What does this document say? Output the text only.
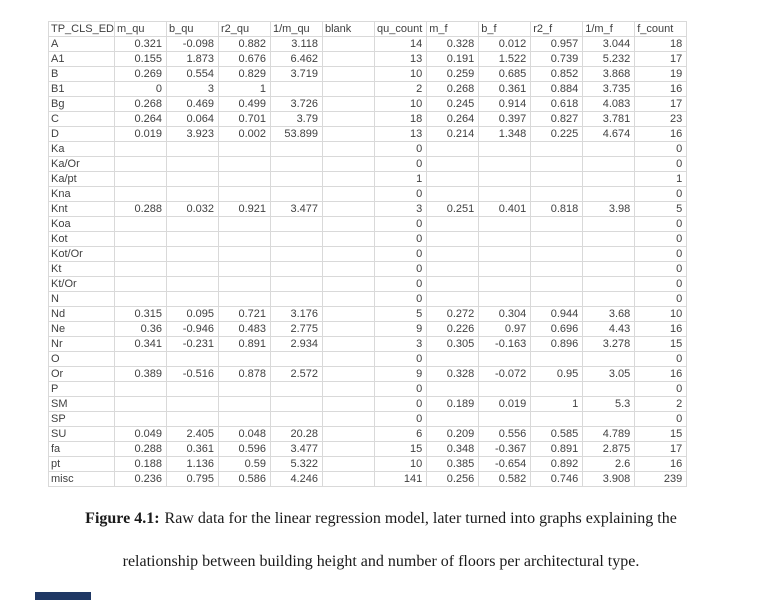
TP_CLS_ED	m_qu	b_qu	r2_qu	1/m_qu	blank	qu_count	m_f	b_f	r2_f	1/m_f	f_count
A	0.321	-0.098	0.882	3.118		14	0.328	0.012	0.957	3.044	18
A1	0.155	1.873	0.676	6.462		13	0.191	1.522	0.739	5.232	17
B	0.269	0.554	0.829	3.719		10	0.259	0.685	0.852	3.868	19
B1	0	3	1			2	0.268	0.361	0.884	3.735	16
Bg	0.268	0.469	0.499	3.726		10	0.245	0.914	0.618	4.083	17
C	0.264	0.064	0.701	3.79		18	0.264	0.397	0.827	3.781	23
D	0.019	3.923	0.002	53.899		13	0.214	1.348	0.225	4.674	16
Ka						0					0
Ka/Or						0					0
Ka/pt						1					1
Kna						0					0
Knt	0.288	0.032	0.921	3.477		3	0.251	0.401	0.818	3.98	5
Koa						0					0
Kot						0					0
Kot/Or						0					0
Kt						0					0
Kt/Or						0					0
N						0					0
Nd	0.315	0.095	0.721	3.176		5	0.272	0.304	0.944	3.68	10
Ne	0.36	-0.946	0.483	2.775		9	0.226	0.97	0.696	4.43	16
Nr	0.341	-0.231	0.891	2.934		3	0.305	-0.163	0.896	3.278	15
O						0					0
Or	0.389	-0.516	0.878	2.572		9	0.328	-0.072	0.95	3.05	16
P						0					0
SM						0	0.189	0.019	1	5.3	2
SP						0					0
SU	0.049	2.405	0.048	20.28		6	0.209	0.556	0.585	4.789	15
fa	0.288	0.361	0.596	3.477		15	0.348	-0.367	0.891	2.875	17
pt	0.188	1.136	0.59	5.322		10	0.385	-0.654	0.892	2.6	16
misc	0.236	0.795	0.586	4.246		141	0.256	0.582	0.746	3.908	239
Figure 4.1: Raw data for the linear regression model, later turned into graphs explaining the
relationship between building height and number of floors per architectural type.
